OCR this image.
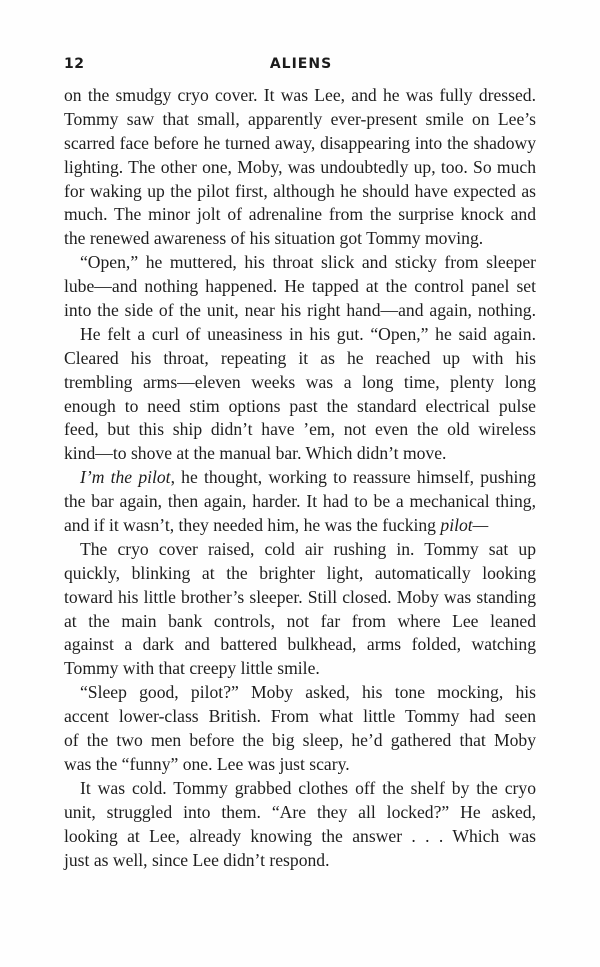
12	ALIENS
on the smudgy cryo cover. It was Lee, and he was fully dressed.
Tommy saw that small, apparently ever-present smile on Lee’s
scarred face before he turned away, disappearing into the shadowy
lighting. The other one, Moby, was undoubtedly up, too. So much
for waking up the pilot first, although he should have expected as
much. The minor jolt of adrenaline from the surprise knock and
the renewed awareness of his situation got Tommy moving.
“Open,” he muttered, his throat slick and sticky from sleeper
lube—and nothing happened. He tapped at the control panel set
into the side of the unit, near his right hand—and again, nothing.
He felt a curl of uneasiness in his gut. “Open,” he said again.
Cleared his throat, repeating it as he reached up with his
trembling arms—eleven weeks was a long time, plenty long
enough to need stim options past the standard electrical pulse
feed, but this ship didn’t have ’em, not even the old wireless
kind—to shove at the manual bar. Which didn’t move.
I’m the pilot, he thought, working to reassure himself, pushing
the bar again, then again, harder. It had to be a mechanical thing,
and if it wasn’t, they needed him, he was the fucking pilot—
The cryo cover raised, cold air rushing in. Tommy sat up
quickly, blinking at the brighter light, automatically looking
toward his little brother’s sleeper. Still closed. Moby was standing
at the main bank controls, not far from where Lee leaned
against a dark and battered bulkhead, arms folded, watching
Tommy with that creepy little smile.
“Sleep good, pilot?” Moby asked, his tone mocking, his
accent lower-class British. From what little Tommy had seen
of the two men before the big sleep, he’d gathered that Moby
was the “funny” one. Lee was just scary.
It was cold. Tommy grabbed clothes off the shelf by the cryo
unit, struggled into them. “Are they all locked?” He asked,
looking at Lee, already knowing the answer . . . Which was
just as well, since Lee didn’t respond.
